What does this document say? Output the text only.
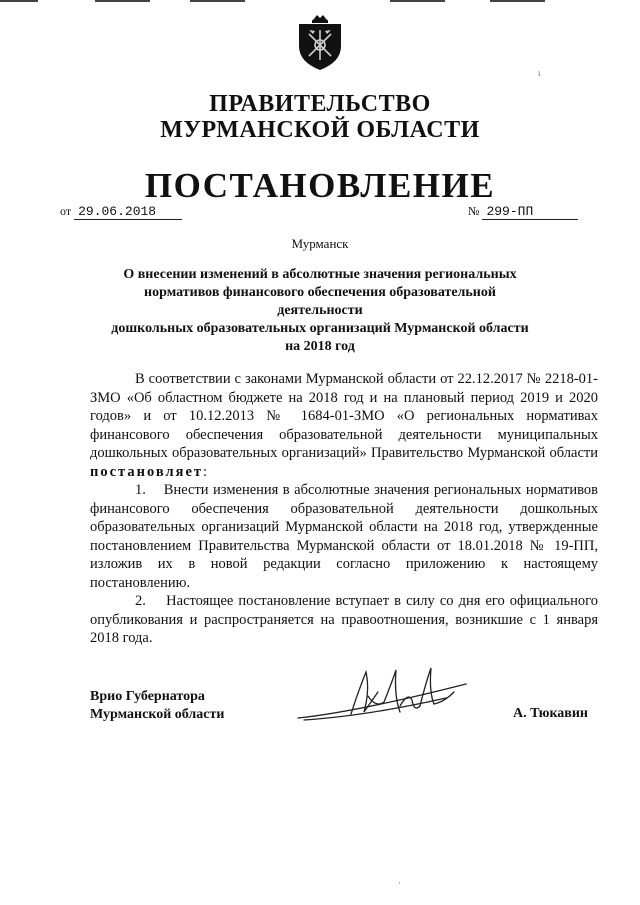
ПРАВИТЕЛЬСТВО
МУРМАНСКОЙ ОБЛАСТИ
ПОСТАНОВЛЕНИЕ
от 29.06.2018	№ 299-ПП
Мурманск
О внесении изменений в абсолютные значения региональных
нормативов финансового обеспечения образовательной деятельности
дошкольных образовательных организаций Мурманской области
на 2018 год

В соответствии с законами Мурманской области от 22.12.2017 № 2218-01-ЗМО «Об областном бюджете на 2018 год и на плановый период 2019 и 2020 годов» и от 10.12.2013 № 1684-01-ЗМО «О региональных нормативах финансового обеспечения образовательной деятельности муниципальных дошкольных образовательных организаций» Правительство Мурманской области постановляет:

1.    Внести изменения в абсолютные значения региональных нормативов финансового обеспечения образовательной деятельности дошкольных образовательных организаций Мурманской области на 2018 год, утвержденные постановлением Правительства Мурманской области от 18.01.2018 № 19-ПП, изложив их в новой редакции согласно приложению к настоящему постановлению.

2.    Настоящее постановление вступает в силу со дня его официального опубликования и распространяется на правоотношения, возникшие с 1 января 2018 года.

Врио Губернатора
Мурманской области	А. Тюкавин
ι
·
